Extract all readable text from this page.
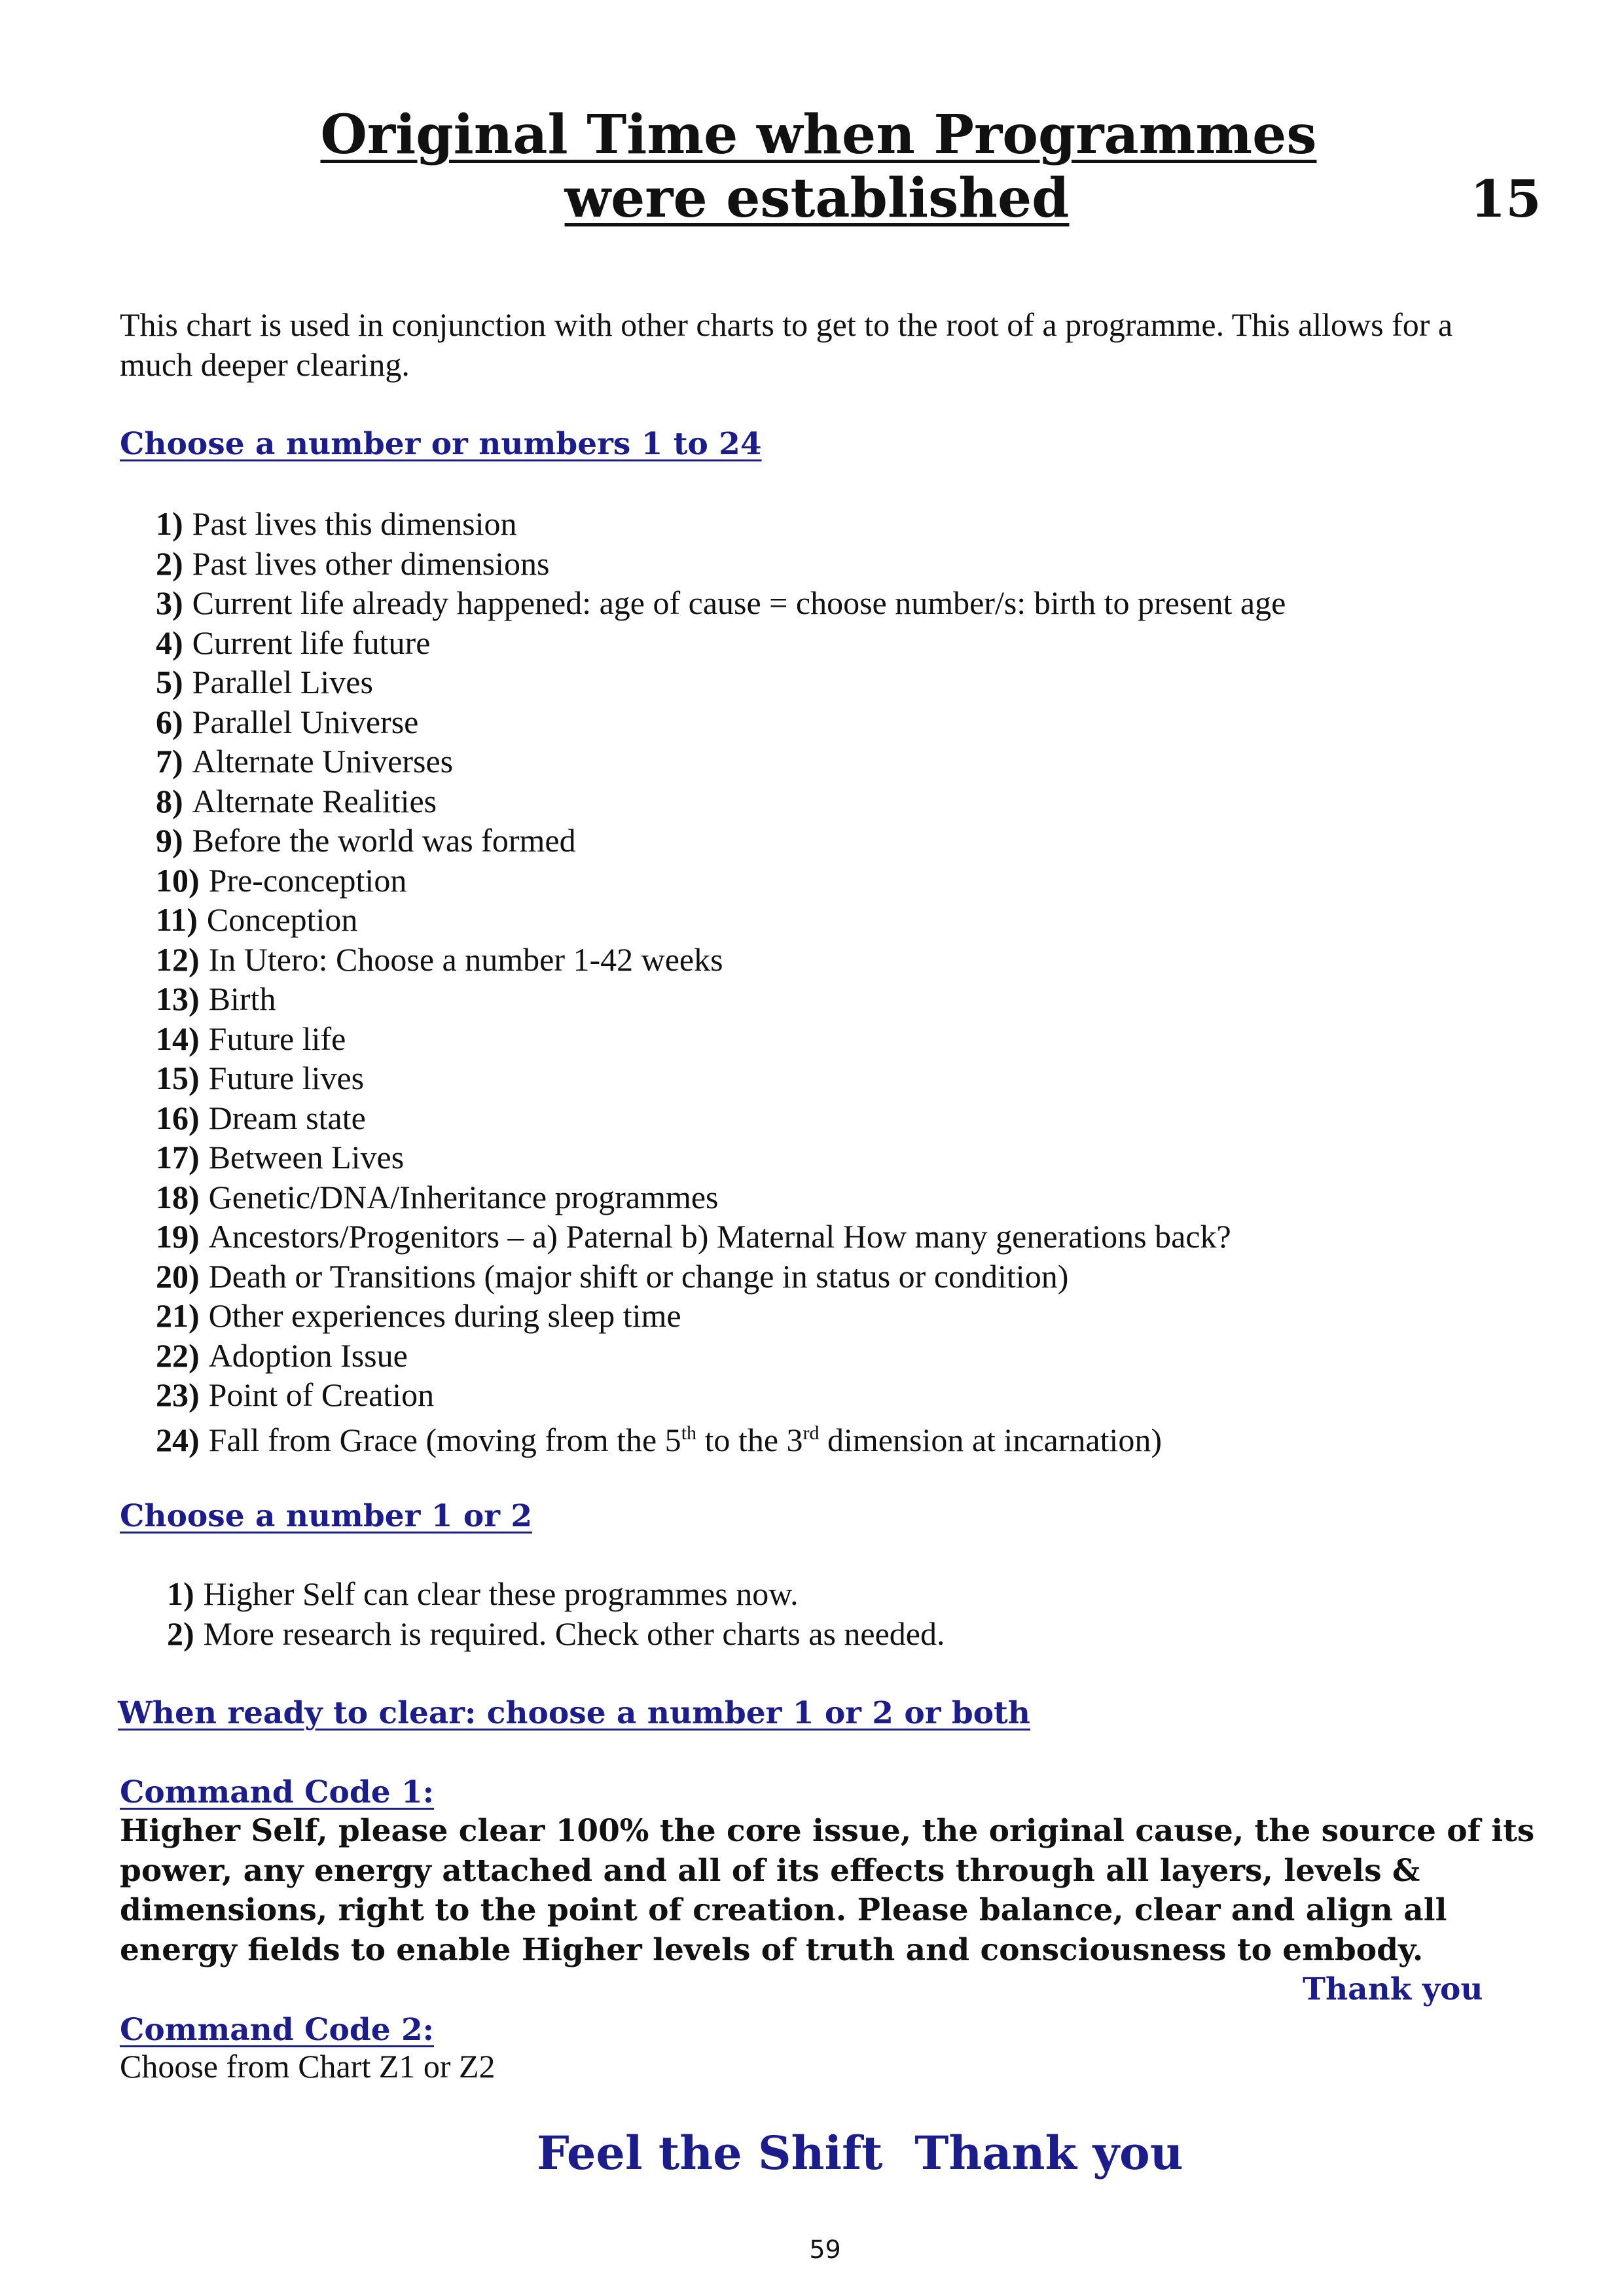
Original Time when Programmes
were established	15
This chart is used in conjunction with other charts to get to the root of a programme. This allows for a much deeper clearing.
Choose a number or numbers 1 to 24
1) Past lives this dimension
2) Past lives other dimensions
3) Current life already happened: age of cause = choose number/s: birth to present age
4) Current life future
5) Parallel Lives
6) Parallel Universe
7) Alternate Universes
8) Alternate Realities
9) Before the world was formed
10) Pre-conception
11) Conception
12) In Utero: Choose a number 1-42 weeks
13) Birth
14) Future life
15) Future lives
16) Dream state
17) Between Lives
18) Genetic/DNA/Inheritance programmes
19) Ancestors/Progenitors – a) Paternal b) Maternal How many generations back?
20) Death or Transitions (major shift or change in status or condition)
21) Other experiences during sleep time
22) Adoption Issue
23) Point of Creation
24) Fall from Grace (moving from the 5th to the 3rd dimension at incarnation)
Choose a number 1 or 2
1) Higher Self can clear these programmes now.
2) More research is required. Check other charts as needed.
When ready to clear: choose a number 1 or 2 or both
Command Code 1:
Higher Self, please clear 100% the core issue, the original cause, the source of its
power, any energy attached and all of its effects through all layers, levels &
dimensions, right to the point of creation. Please balance, clear and align all
energy fields to enable Higher levels of truth and consciousness to embody.
Thank you
Command Code 2:
Choose from Chart Z1 or Z2
Feel the Shift  Thank you
59
